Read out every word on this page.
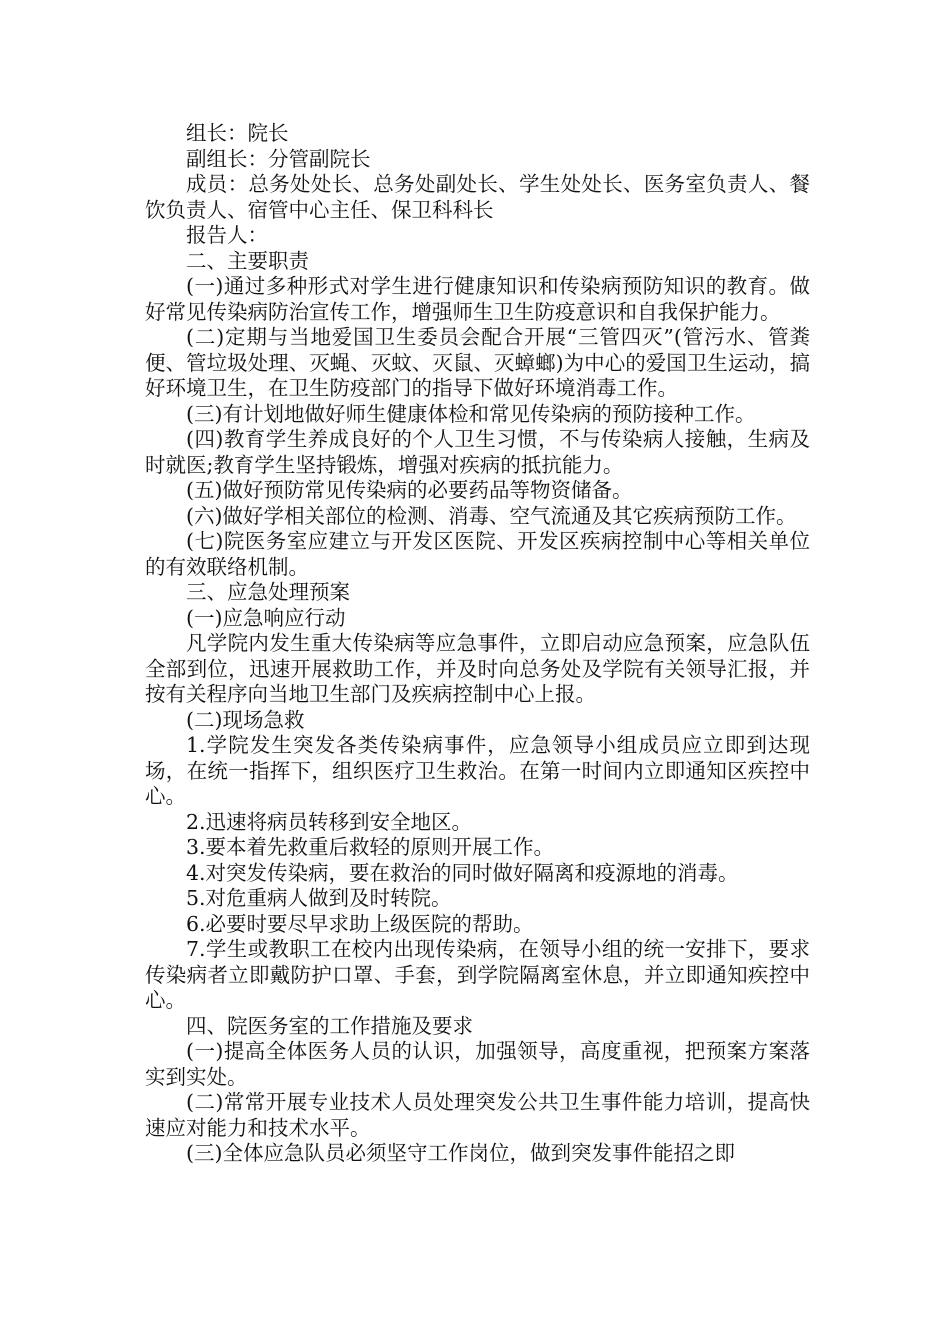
组长：院长

副组长：分管副院长

成员：总务处处长、总务处副处长、学生处处长、医务室负责人、餐饮负责人、宿管中心主任、保卫科科长

报告人：

二、主要职责

(一)通过多种形式对学生进行健康知识和传染病预防知识的教育。做好常见传染病防治宣传工作，增强师生卫生防疫意识和自我保护能力。

(二)定期与当地爱国卫生委员会配合开展“三管四灭”(管污水、管粪便、管垃圾处理、灭蝇、灭蚊、灭鼠、灭蟑螂)为中心的爱国卫生运动，搞好环境卫生，在卫生防疫部门的指导下做好环境消毒工作。

(三)有计划地做好师生健康体检和常见传染病的预防接种工作。

(四)教育学生养成良好的个人卫生习惯，不与传染病人接触，生病及时就医;教育学生坚持锻炼，增强对疾病的抵抗能力。

(五)做好预防常见传染病的必要药品等物资储备。

(六)做好学相关部位的检测、消毒、空气流通及其它疾病预防工作。

(七)院医务室应建立与开发区医院、开发区疾病控制中心等相关单位的有效联络机制。

三、应急处理预案

(一)应急响应行动

凡学院内发生重大传染病等应急事件，立即启动应急预案，应急队伍全部到位，迅速开展救助工作，并及时向总务处及学院有关领导汇报，并按有关程序向当地卫生部门及疾病控制中心上报。

(二)现场急救

1.学院发生突发各类传染病事件，应急领导小组成员应立即到达现场，在统一指挥下，组织医疗卫生救治。在第一时间内立即通知区疾控中心。

2.迅速将病员转移到安全地区。

3.要本着先救重后救轻的原则开展工作。

4.对突发传染病，要在救治的同时做好隔离和疫源地的消毒。

5.对危重病人做到及时转院。

6.必要时要尽早求助上级医院的帮助。

7.学生或教职工在校内出现传染病，在领导小组的统一安排下，要求传染病者立即戴防护口罩、手套，到学院隔离室休息，并立即通知疾控中心。

四、院医务室的工作措施及要求

(一)提高全体医务人员的认识，加强领导，高度重视，把预案方案落实到实处。

(二)常常开展专业技术人员处理突发公共卫生事件能力培训，提高快速应对能力和技术水平。

(三)全体应急队员必须坚守工作岗位，做到突发事件能招之即
